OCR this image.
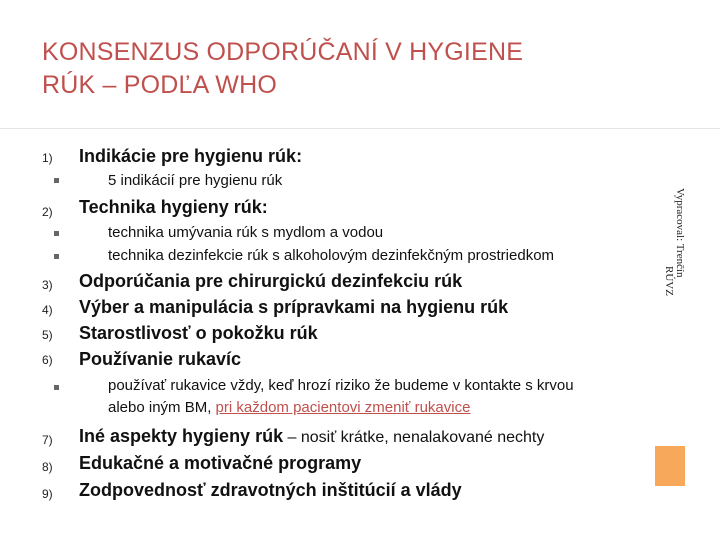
KONSENZUS ODPORÚČANÍ V HYGIENE
RÚK – PODĽA WHO
1) Indikácie pre hygienu rúk:
5 indikácií pre hygienu rúk
2) Technika hygieny rúk:
technika umývania rúk s mydlom a vodou
technika dezinfekcie rúk s alkoholovým dezinfekčným prostriedkom
3) Odporúčania pre chirurgickú dezinfekciu rúk
4) Výber a manipulácia s prípravkami na hygienu rúk
5) Starostlivosť o pokožku rúk
6) Používanie rukavíc
používať rukavice vždy, keď hrozí riziko že budeme v kontakte s krvou
alebo iným BM, pri každom pacientovi zmeniť rukavice
7) Iné aspekty hygieny rúk – nosiť krátke, nenalakované nechty
8) Edukačné a motivačné programy
9) Zodpovednosť zdravotných inštitúcií a vlády
Vypracoval: Trenčín
RÚVZ
